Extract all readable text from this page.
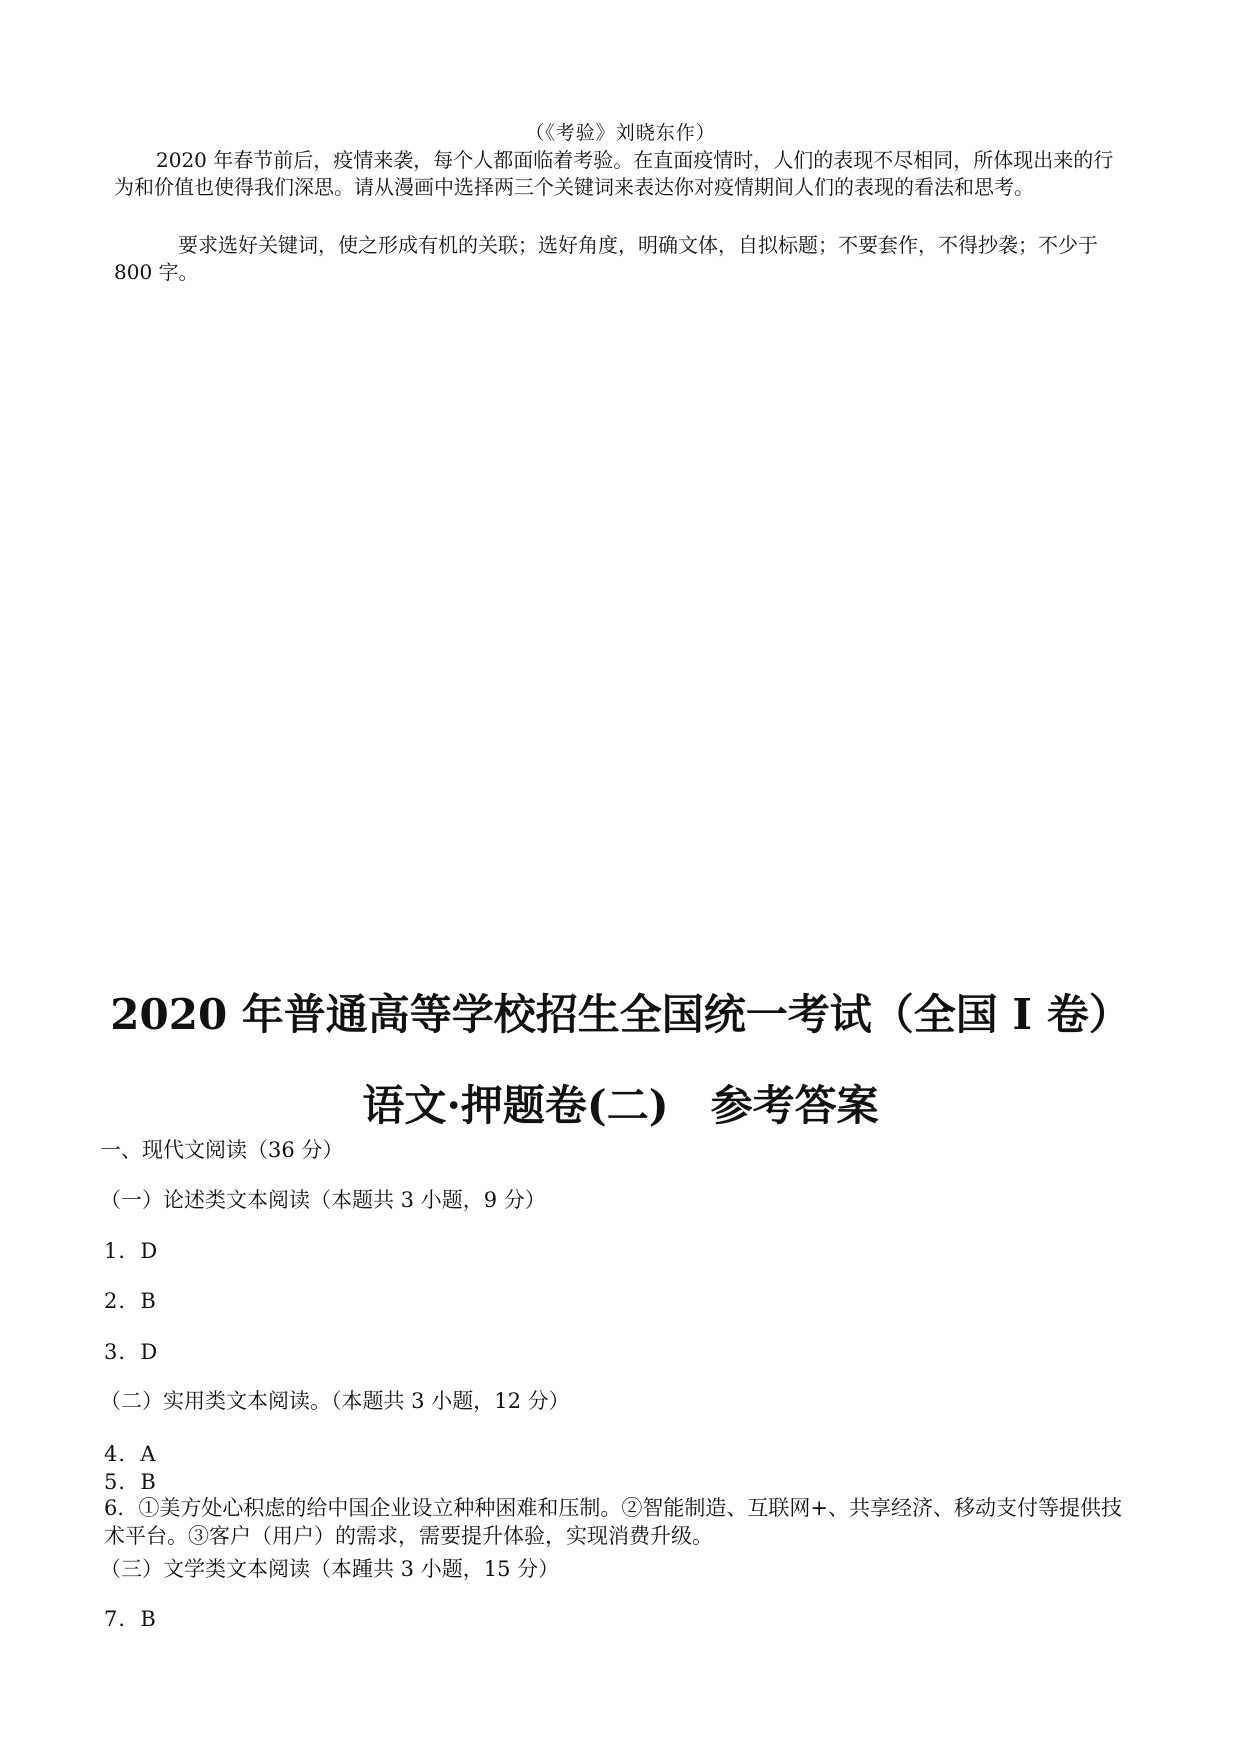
（《考验》刘晓东作）
2020 年春节前后，疫情来袭，每个人都面临着考验。在直面疫情时，人们的表现不尽相同，所体现出来的行为和价值也使得我们深思。请从漫画中选择两三个关键词来表达你对疫情期间人们的表现的看法和思考。
要求选好关键词，使之形成有机的关联；选好角度，明确文体，自拟标题；不要套作，不得抄袭；不少于 800 字。
2020 年普通高等学校招生全国统一考试（全国 I 卷）
语文·押题卷(二)　参考答案
一、现代文阅读（36 分）
（一）论述类文本阅读（本题共 3 小题，9 分）
1．D
2．B
3．D
（二）实用类文本阅读。（本题共 3 小题，12 分）
4．A
5．B
6．①美方处心积虑的给中国企业设立种种困难和压制。②智能制造、互联网+、共享经济、移动支付等提供技术平台。③客户（用户）的需求，需要提升体验，实现消费升级。
（三）文学类文本阅读（本踵共 3 小题，15 分）
7．B
